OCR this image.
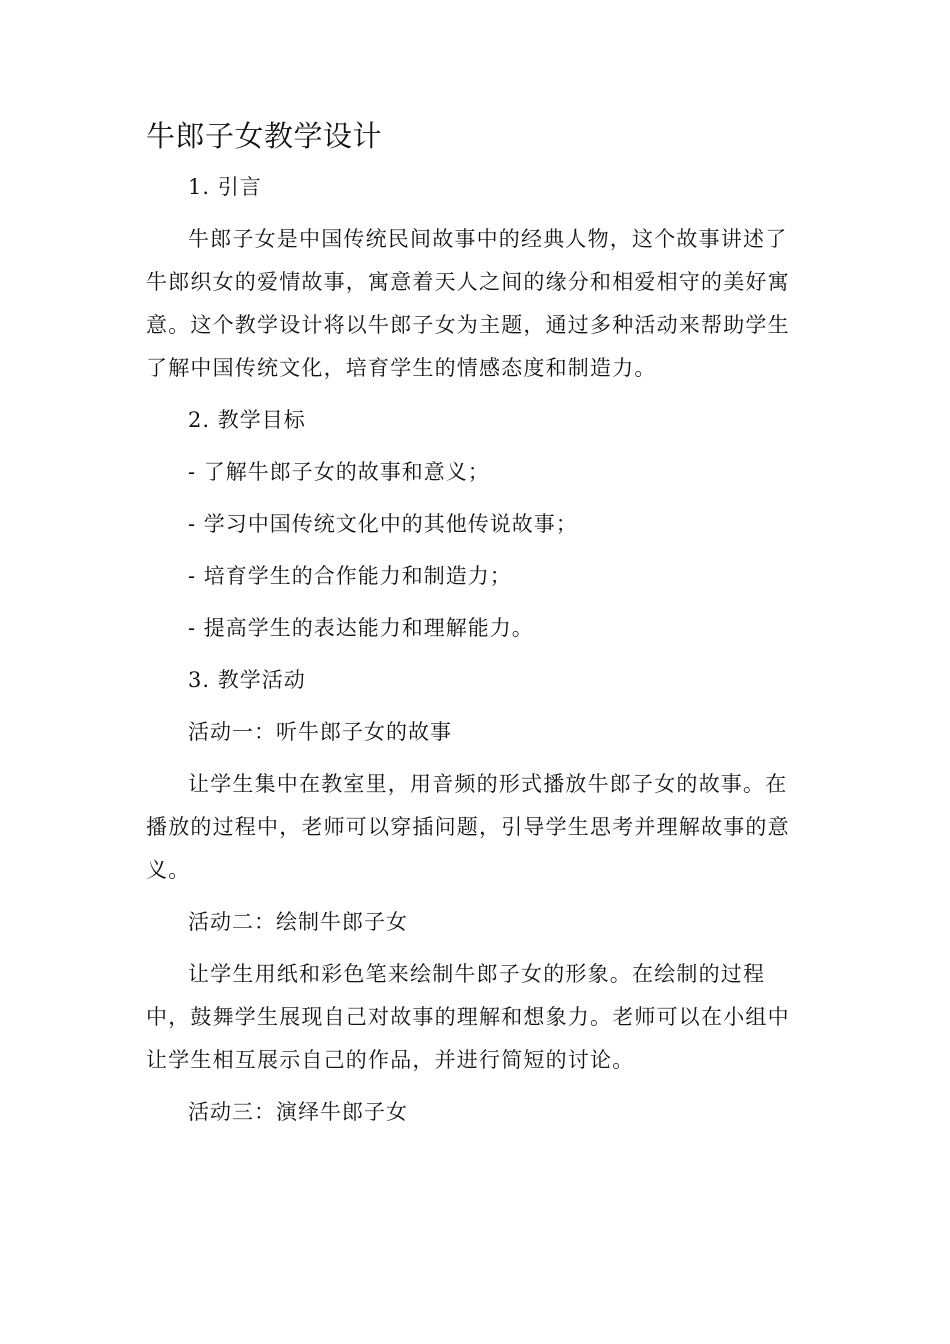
牛郎子女教学设计
1. 引言
牛郎子女是中国传统民间故事中的经典人物，这个故事讲述了牛郎织女的爱情故事，寓意着天人之间的缘分和相爱相守的美好寓意。这个教学设计将以牛郎子女为主题，通过多种活动来帮助学生了解中国传统文化，培育学生的情感态度和制造力。
2. 教学目标
- 了解牛郎子女的故事和意义；
- 学习中国传统文化中的其他传说故事；
- 培育学生的合作能力和制造力；
- 提高学生的表达能力和理解能力。
3. 教学活动
活动一：听牛郎子女的故事
让学生集中在教室里，用音频的形式播放牛郎子女的故事。在播放的过程中，老师可以穿插问题，引导学生思考并理解故事的意义。
活动二：绘制牛郎子女
让学生用纸和彩色笔来绘制牛郎子女的形象。在绘制的过程中，鼓舞学生展现自己对故事的理解和想象力。老师可以在小组中让学生相互展示自己的作品，并进行简短的讨论。
活动三：演绎牛郎子女
